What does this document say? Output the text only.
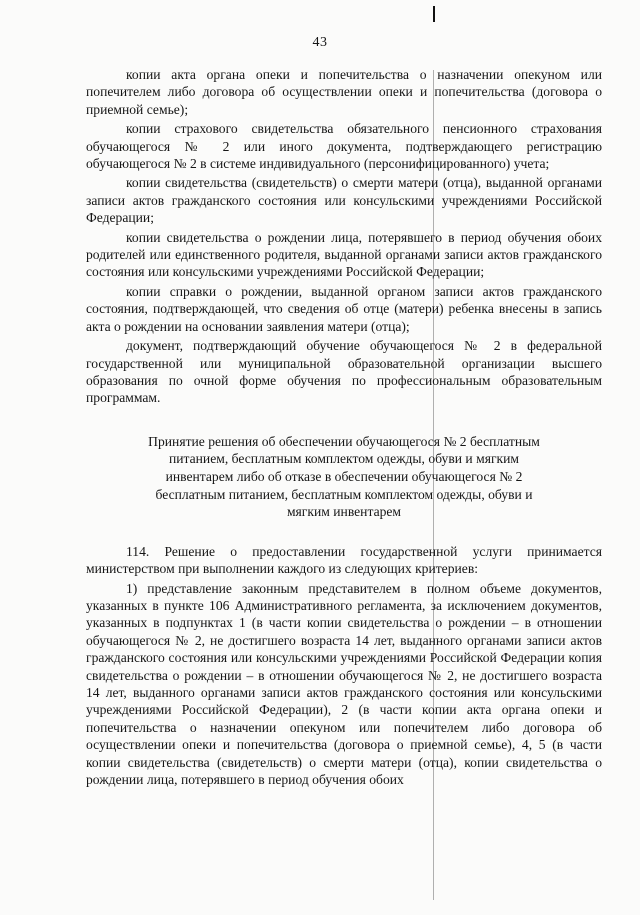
43

копии акта органа опеки и попечительства о назначении опекуном или попечителем либо договора об осуществлении опеки и попечительства (договора о приемной семье);

копии страхового свидетельства обязательного пенсионного страхования обучающегося № 2 или иного документа, подтверждающего регистрацию обучающегося № 2 в системе индивидуального (персонифицированного) учета;

копии свидетельства (свидетельств) о смерти матери (отца), выданной органами записи актов гражданского состояния или консульскими учреждениями Российской Федерации;

копии свидетельства о рождении лица, потерявшего в период обучения обоих родителей или единственного родителя, выданной органами записи актов гражданского состояния или консульскими учреждениями Российской Федерации;

копии справки о рождении, выданной органом записи актов гражданского состояния, подтверждающей, что сведения об отце (матери) ребенка внесены в запись акта о рождении на основании заявления матери (отца);

документ, подтверждающий обучение обучающегося № 2 в федеральной государственной или муниципальной образовательной организации высшего образования по очной форме обучения по профессиональным образовательным программам.

Принятие решения об обеспечении обучающегося № 2 бесплатным питанием, бесплатным комплектом одежды, обуви и мягким инвентарем либо об отказе в обеспечении обучающегося № 2 бесплатным питанием, бесплатным комплектом одежды, обуви и мягким инвентарем

114. Решение о предоставлении государственной услуги принимается министерством при выполнении каждого из следующих критериев:

1) представление законным представителем в полном объеме документов, указанных в пункте 106 Административного регламента, за исключением документов, указанных в подпунктах 1 (в части копии свидетельства о рождении – в отношении обучающегося № 2, не достигшего возраста 14 лет, выданного органами записи актов гражданского состояния или консульскими учреждениями Российской Федерации копия свидетельства о рождении – в отношении обучающегося № 2, не достигшего возраста 14 лет, выданного органами записи актов гражданского состояния или консульскими учреждениями Российской Федерации), 2 (в части копии акта органа опеки и попечительства о назначении опекуном или попечителем либо договора об осуществлении опеки и попечительства (договора о приемной семье), 4, 5 (в части копии свидетельства (свидетельств) о смерти матери (отца), копии свидетельства о рождении лица, потерявшего в период обучения обоих
